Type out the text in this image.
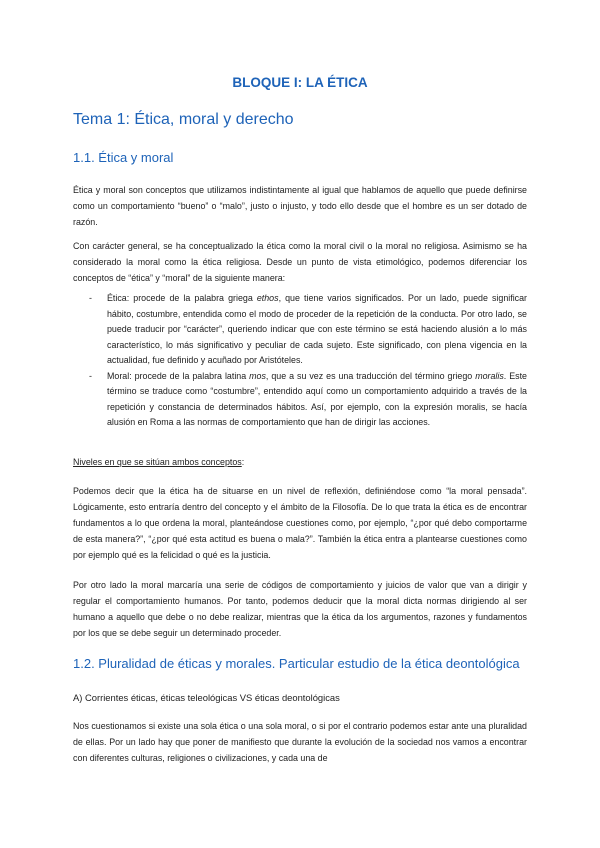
BLOQUE I: LA ÉTICA
Tema 1: Ética, moral y derecho
1.1. Ética y moral

Ética y moral son conceptos que utilizamos indistintamente al igual que hablamos de aquello que puede definirse como un comportamiento “bueno” o “malo”, justo o injusto, y todo ello desde que el hombre es un ser dotado de razón.

Con carácter general, se ha conceptualizado la ética como la moral civil o la moral no religiosa. Asimismo se ha considerado la moral como la ética religiosa. Desde un punto de vista etimológico, podemos diferenciar los conceptos de “ética” y “moral” de la siguiente manera:

- Ética: procede de la palabra griega ethos, que tiene varios significados. Por un lado, puede significar hábito, costumbre, entendida como el modo de proceder de la repetición de la conducta. Por otro lado, se puede traducir por “carácter”, queriendo indicar que con este término se está haciendo alusión a lo más característico, lo más significativo y peculiar de cada sujeto. Este significado, con plena vigencia en la actualidad, fue definido y acuñado por Aristóteles.
- Moral: procede de la palabra latina mos, que a su vez es una traducción del término griego moralis. Este término se traduce como “costumbre”, entendido aquí como un comportamiento adquirido a través de la repetición y constancia de determinados hábitos. Así, por ejemplo, con la expresión moralis, se hacía alusión en Roma a las normas de comportamiento que han de dirigir las acciones.

Niveles en que se sitúan ambos conceptos:

Podemos decir que la ética ha de situarse en un nivel de reflexión, definiéndose como “la moral pensada”. Lógicamente, esto entraría dentro del concepto y el ámbito de la Filosofía. De lo que trata la ética es de encontrar fundamentos a lo que ordena la moral, planteándose cuestiones como, por ejemplo, “¿por qué debo comportarme de esta manera?”, “¿por qué esta actitud es buena o mala?”. También la ética entra a plantearse cuestiones como por ejemplo qué es la felicidad o qué es la justicia.

Por otro lado la moral marcaría una serie de códigos de comportamiento y juicios de valor que van a dirigir y regular el comportamiento humanos. Por tanto, podemos deducir que la moral dicta normas dirigiendo al ser humano a aquello que debe o no debe realizar, mientras que la ética da los argumentos, razones y fundamentos por los que se debe seguir un determinado proceder.

1.2. Pluralidad de éticas y morales. Particular estudio de la ética deontológica

A) Corrientes éticas, éticas teleológicas VS éticas deontológicas

Nos cuestionamos si existe una sola ética o una sola moral, o si por el contrario podemos estar ante una pluralidad de ellas. Por un lado hay que poner de manifiesto que durante la evolución de la sociedad nos vamos a encontrar con diferentes culturas, religiones o civilizaciones, y cada una de
